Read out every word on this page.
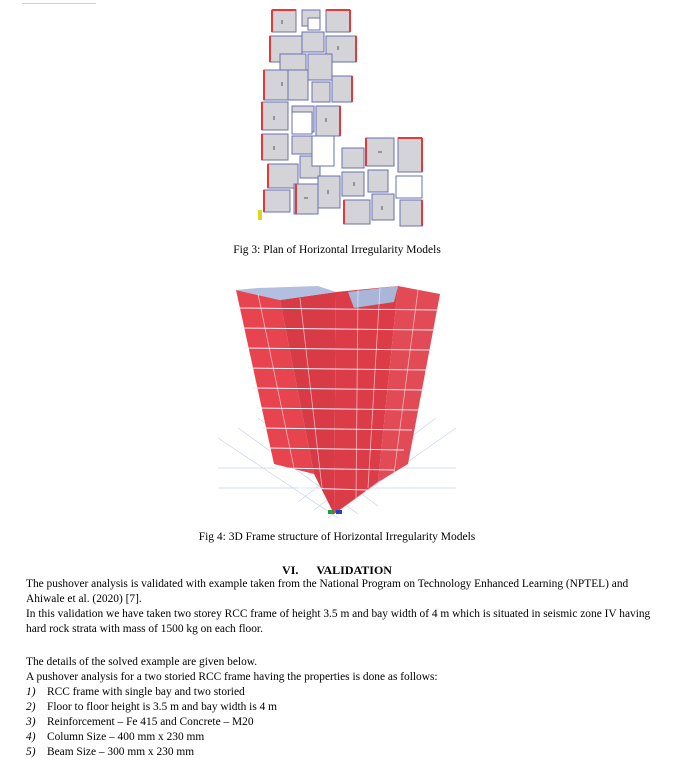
Fig 3: Plan of Horizontal Irregularity Models
Fig 4: 3D Frame structure of Horizontal Irregularity Models
VI. VALIDATION

The pushover analysis is validated with example taken from the National Program on Technology Enhanced Learning (NPTEL) and Ahiwale et al. (2020) [7].

In this validation we have taken two storey RCC frame of height 3.5 m and bay width of 4 m which is situated in seismic zone IV having hard rock strata with mass of 1500 kg on each floor.

The details of the solved example are given below.

A pushover analysis for a two storied RCC frame having the properties is done as follows:

1) RCC frame with single bay and two storied
2) Floor to floor height is 3.5 m and bay width is 4 m
3) Reinforcement – Fe 415 and Concrete – M20
4) Column Size – 400 mm x 230 mm
5) Beam Size – 300 mm x 230 mm
